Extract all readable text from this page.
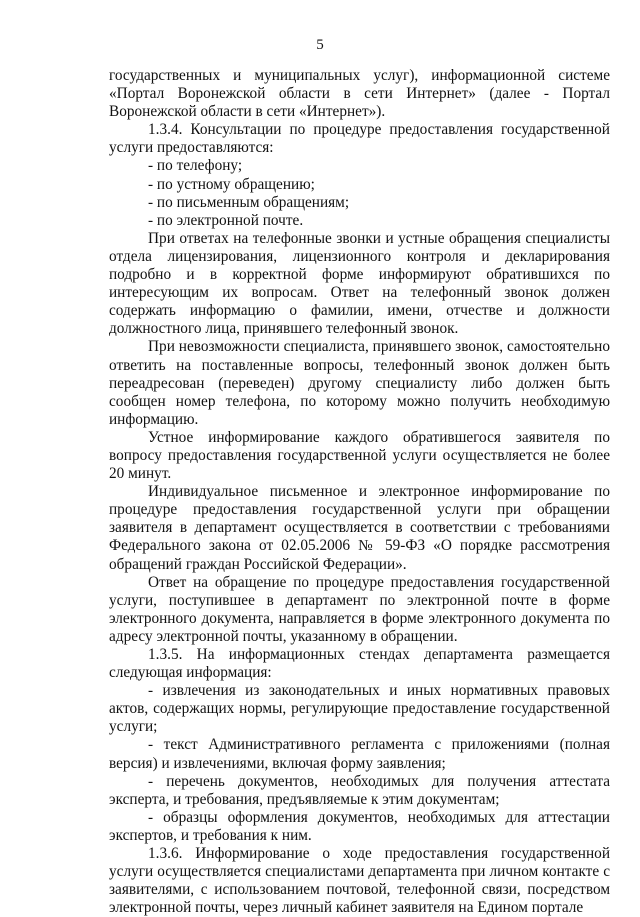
5

государственных и муниципальных услуг), информационной системе «Портал Воронежской области в сети Интернет» (далее - Портал Воронежской области в сети «Интернет»).

1.3.4. Консультации по процедуре предоставления государственной услуги предоставляются:

- по телефону;

- по устному обращению;

- по письменным обращениям;

- по электронной почте.

При ответах на телефонные звонки и устные обращения специалисты отдела лицензирования, лицензионного контроля и декларирования подробно и в корректной форме информируют обратившихся по интересующим их вопросам. Ответ на телефонный звонок должен содержать информацию о фамилии, имени, отчестве и должности должностного лица, принявшего телефонный звонок.

При невозможности специалиста, принявшего звонок, самостоятельно ответить на поставленные вопросы, телефонный звонок должен быть переадресован (переведен) другому специалисту либо должен быть сообщен номер телефона, по которому можно получить необходимую информацию.

Устное информирование каждого обратившегося заявителя по вопросу предоставления государственной услуги осуществляется не более 20 минут.

Индивидуальное письменное и электронное информирование по процедуре предоставления государственной услуги при обращении заявителя в департамент осуществляется в соответствии с требованиями Федерального закона от 02.05.2006 № 59-ФЗ «О порядке рассмотрения обращений граждан Российской Федерации».

Ответ на обращение по процедуре предоставления государственной услуги, поступившее в департамент по электронной почте в форме электронного документа, направляется в форме электронного документа по адресу электронной почты, указанному в обращении.

1.3.5. На информационных стендах департамента размещается следующая информация:

- извлечения из законодательных и иных нормативных правовых актов, содержащих нормы, регулирующие предоставление государственной услуги;

- текст Административного регламента с приложениями (полная версия) и извлечениями, включая форму заявления;

- перечень документов, необходимых для получения аттестата эксперта, и требования, предъявляемые к этим документам;

- образцы оформления документов, необходимых для аттестации экспертов, и требования к ним.

1.3.6. Информирование о ходе предоставления государственной услуги осуществляется специалистами департамента при личном контакте с заявителями, с использованием почтовой, телефонной связи, посредством электронной почты, через личный кабинет заявителя на Едином портале
